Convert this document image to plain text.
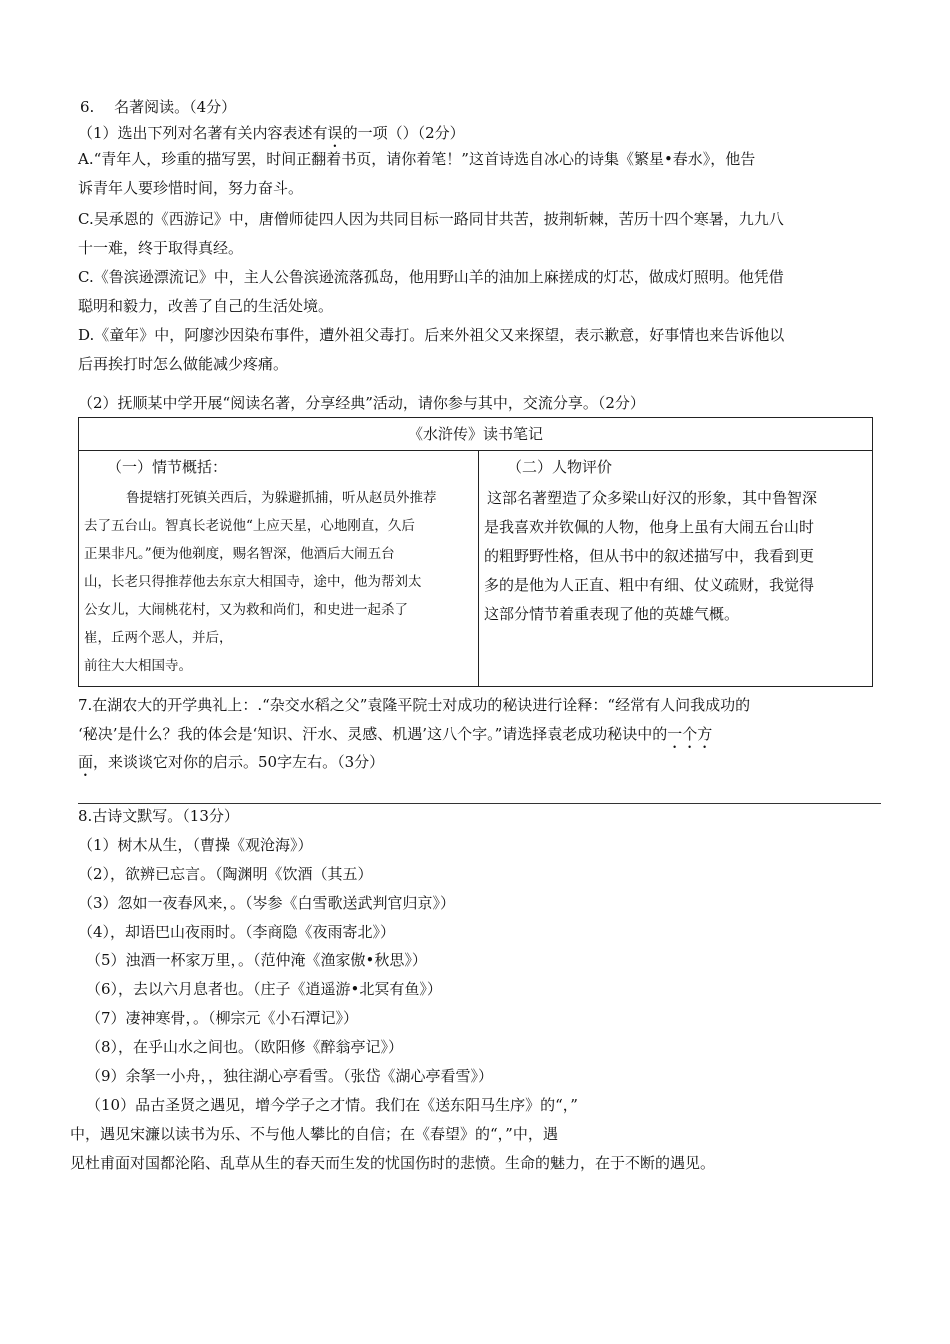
6.　 名著阅读。（4分）
（1）选出下列对名著有关内容表述有误的一项（）（2分）
A.“青年人，珍重的描写罢，时间正翻着书页，请你着笔！”这首诗选自冰心的诗集《繁星•春水》，他告
诉青年人要珍惜时间，努力奋斗。
C.吴承恩的《西游记》中，唐僧师徒四人因为共同目标一路同甘共苦，披荆斩棘，苦历十四个寒暑，九九八
十一难，终于取得真经。
C.《鲁滨逊漂流记》中，主人公鲁滨逊流落孤岛，他用野山羊的油加上麻搓成的灯芯，做成灯照明。他凭借
聪明和毅力，改善了自己的生活处境。
D.《童年》中，阿廖沙因染布事件，遭外祖父毒打。后来外祖父又来探望，表示歉意，好事情也来告诉他以
后再挨打时怎么做能减少疼痛。
（2）抚顺某中学开展“阅读名著，分享经典”活动，请你参与其中，交流分享。（2分）
《水浒传》读书笔记
（一）情节概括：
鲁提辖打死镇关西后，为躲避抓捕，听从赵员外推荐
去了五台山。智真长老说他“上应天星，心地刚直，久后
正果非凡。”便为他剃度，赐名智深，他酒后大闹五台
山，长老只得推荐他去东京大相国寺，途中，他为帮刘太
公女儿，大闹桃花村，又为救和尚们，和史进一起杀了
崔，丘两个恶人，并后，
前往大大相国寺。
（二）人物评价
这部名著塑造了众多梁山好汉的形象，其中鲁智深
是我喜欢并钦佩的人物，他身上虽有大闹五台山时
的粗野野性格，但从书中的叙述描写中，我看到更
多的是他为人正直、粗中有细、仗义疏财，我觉得
这部分情节着重表现了他的英雄气概。
7.在湖农大的开学典礼上：.“杂交水稻之父”袁隆平院士对成功的秘诀进行诠释：“经常有人问我成功的
‘秘决’是什么？我的体会是‘知识、汗水、灵感、机遇’这八个字。”请选择袁老成功秘诀中的一个方
面，来谈谈它对你的启示。50字左右。（3分）
8.古诗文默写。（13分）
（1）树木从生，（曹操《观沧海》）
（2），欲辨已忘言。（陶渊明《饮酒（其五）
（3）忽如一夜春风来，。（岑参《白雪歌送武判官归京》）
（4），却语巴山夜雨时。（李商隐《夜雨寄北》）
（5）浊酒一杯家万里，。（范仲淹《渔家傲•秋思》）
（6），去以六月息者也。（庄子《逍遥游•北冥有鱼》）
（7）凄神寒骨，。（柳宗元《小石潭记》）
（8），在乎山水之间也。（欧阳修《醉翁亭记》）
（9）余拏一小舟，，独往湖心亭看雪。（张岱《湖心亭看雪》）
（10）品古圣贤之遇见，增今学子之才情。我们在《送东阳马生序》的“，”
中，遇见宋濂以读书为乐、不与他人攀比的自信；在《春望》的“，”中，遇
见杜甫面对国都沦陷、乱草从生的春天而生发的忧国伤时的悲愤。生命的魅力，在于不断的遇见。
